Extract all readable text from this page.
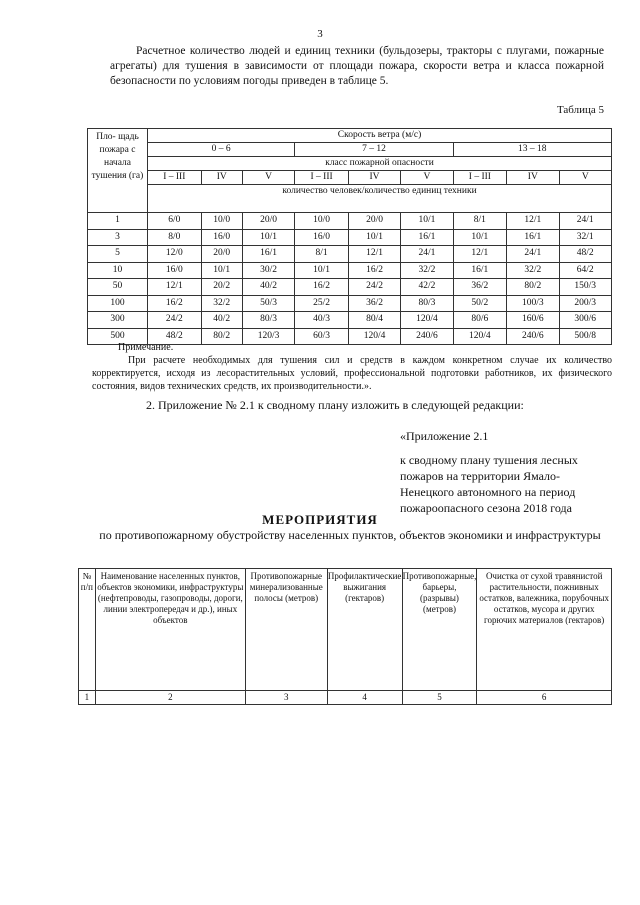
3

Расчетное количество людей и единиц техники (бульдозеры, тракторы с плугами, пожарные агрегаты) для тушения в зависимости от площади пожара, скорости ветра и класса пожарной безопасности по условиям погоды приведен в таблице 5.

Таблица 5
Пло- щадь пожара с начала тушения (га)	Скорость ветра (м/с)								
	0 – 6			7 – 12			13 – 18		
	класс пожарной опасности								
	I – III	IV	V	I – III	IV	V	I – III	IV	V
	количество человек/количество единиц техники								
1	6/0	10/0	20/0	10/0	20/0	10/1	8/1	12/1	24/1
3	8/0	16/0	10/1	16/0	10/1	16/1	10/1	16/1	32/1
5	12/0	20/0	16/1	8/1	12/1	24/1	12/1	24/1	48/2
10	16/0	10/1	30/2	10/1	16/2	32/2	16/1	32/2	64/2
50	12/1	20/2	40/2	16/2	24/2	42/2	36/2	80/2	150/3
100	16/2	32/2	50/3	25/2	36/2	80/3	50/2	100/3	200/3
300	24/2	40/2	80/3	40/3	80/4	120/4	80/6	160/6	300/6
500	48/2	80/2	120/3	60/3	120/4	240/6	120/4	240/6	500/8
Примечание.

При расчете необходимых для тушения сил и средств в каждом конкретном случае их количество корректируется, исходя из лесорастительных условий, профессиональной подготовки работников, их физического состояния, видов технических средств, их производительности.».

2. Приложение № 2.1 к сводному плану изложить в следующей редакции:

«Приложение 2.1
к сводному плану тушения лесных пожаров на территории Ямало-Ненецкого автономного на период пожароопасного сезона 2018 года
МЕРОПРИЯТИЯ
по противопожарному обустройству населенных пунктов, объектов экономики и инфраструктуры
№ п/п	Наименование населенных пунктов, объектов экономики, инфраструктуры (нефтепроводы, газопроводы, дороги, линии электропередач и др.), иных объектов	Противопожарные минерализованные полосы (метров)	Профилактические выжигания (гектаров)	Противопожарные, барьеры, (разрывы) (метров)	Очистка от сухой травянистой растительности, пожнивных остатков, валежника, порубочных остатков, мусора и других горючих материалов (гектаров)
1	2	3	4	5	6
